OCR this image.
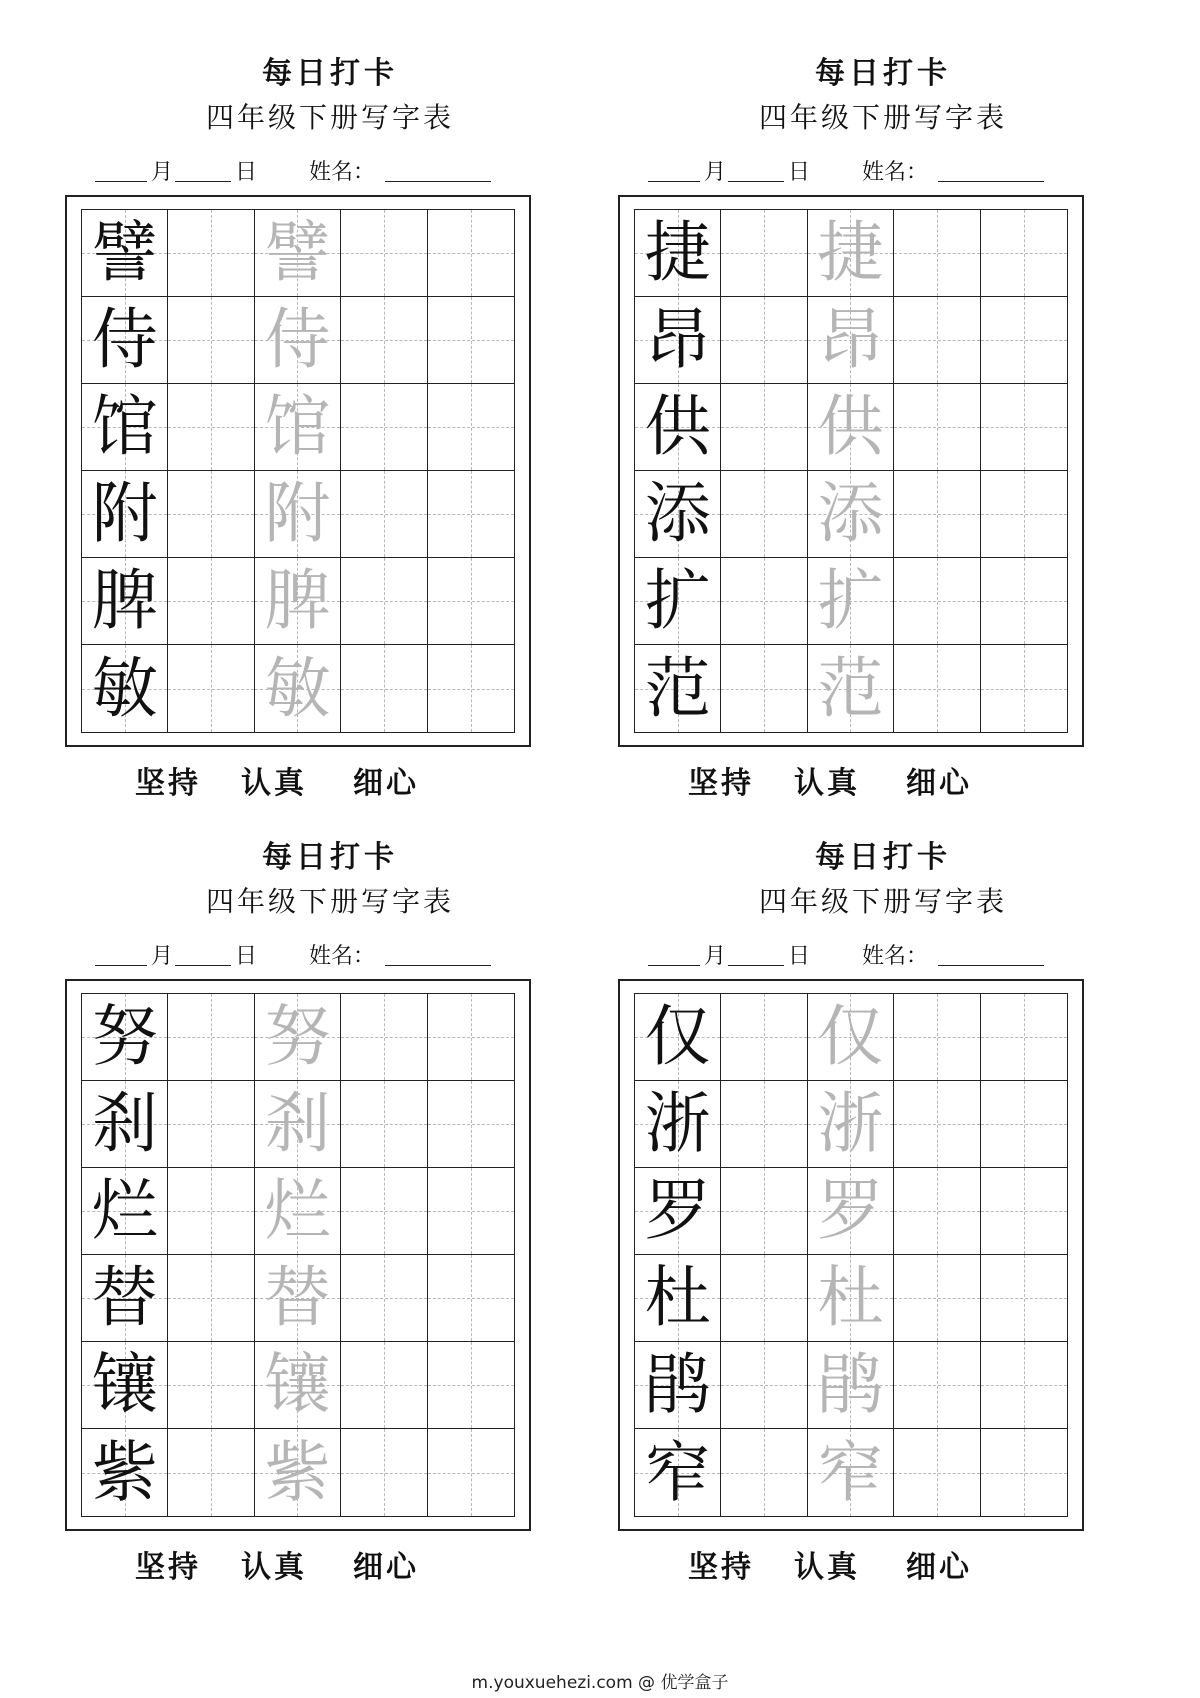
每日打卡
四年级下册写字表
月	日 姓名：
譬 譬
侍 侍
馆 馆
附 附
脾 脾
敏 敏
坚持 认真 细心
每日打卡
四年级下册写字表
月	日 姓名：
捷 捷
昂 昂
供 供
添 添
扩 扩
范 范
坚持 认真 细心
每日打卡
四年级下册写字表
月	日 姓名：
努 努
刹 刹
烂 烂
替 替
镶 镶
紫 紫
坚持 认真 细心
每日打卡
四年级下册写字表
月	日 姓名：
仅 仅
浙 浙
罗 罗
杜 杜
鹃 鹃
窄 窄
坚持 认真 细心
m.youxuehezi.com @ 优学盒子
